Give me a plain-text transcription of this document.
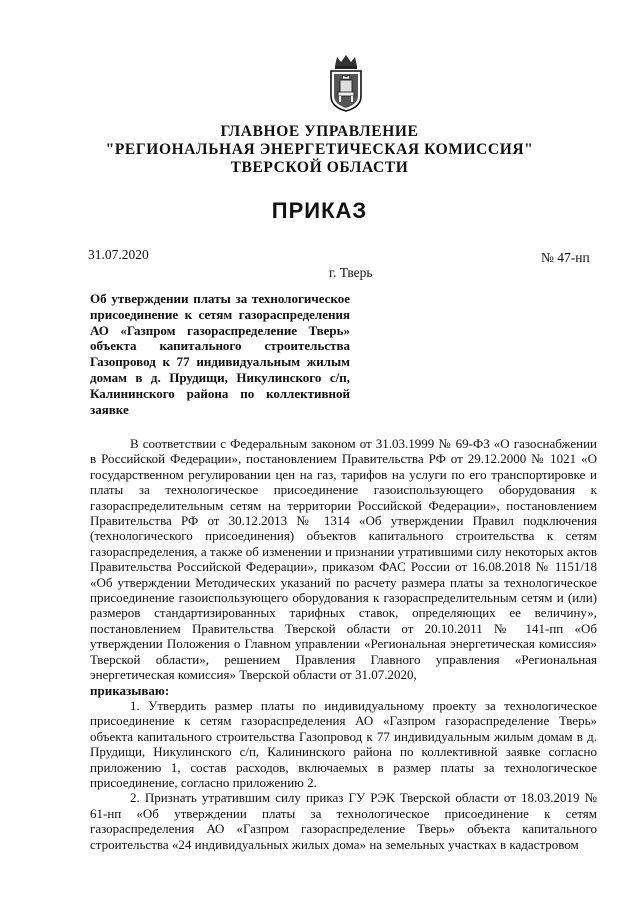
ГЛАВНОЕ УПРАВЛЕНИЕ
"РЕГИОНАЛЬНАЯ ЭНЕРГЕТИЧЕСКАЯ КОМИССИЯ"
ТВЕРСКОЙ ОБЛАСТИ
ПРИКАЗ
31.07.2020	№ 47-нп
г. Тверь
Об утверждении платы за технологическое присоединение к сетям газораспределения АО «Газпром газораспределение Тверь» объекта капитального строительства Газопровод к 77 индивидуальным жилым домам в д. Прудищи, Никулинского с/п, Калининского района по коллективной заявке

В соответствии с Федеральным законом от 31.03.1999 № 69-ФЗ «О газоснабжении в Российской Федерации», постановлением Правительства РФ от 29.12.2000 № 1021 «О государственном регулировании цен на газ, тарифов на услуги по его транспортировке и платы за технологическое присоединение газоиспользующего оборудования к газораспределительным сетям на территории Российской Федерации», постановлением Правительства РФ от 30.12.2013 № 1314 «Об утверждении Правил подключения (технологического присоединения) объектов капитального строительства к сетям газораспределения, а также об изменении и признании утратившими силу некоторых актов Правительства Российской Федерации», приказом ФАС России от 16.08.2018 № 1151/18 «Об утверждении Методических указаний по расчету размера платы за технологическое присоединение газоиспользующего оборудования к газораспределительным сетям и (или) размеров стандартизированных тарифных ставок, определяющих ее величину», постановлением Правительства Тверской области от 20.10.2011 № 141-пп «Об утверждении Положения о Главном управлении «Региональная энергетическая комиссия» Тверской области», решением Правления Главного управления «Региональная энергетическая комиссия» Тверской области от 31.07.2020,

приказываю:

1. Утвердить размер платы по индивидуальному проекту за технологическое присоединение к сетям газораспределения АО «Газпром газораспределение Тверь» объекта капитального строительства Газопровод к 77 индивидуальным жилым домам в д. Прудищи, Никулинского с/п, Калининского района по коллективной заявке согласно приложению 1, состав расходов, включаемых в размер платы за технологическое присоединение, согласно приложению 2.

2. Признать утратившим силу приказ ГУ РЭК Тверской области от 18.03.2019 № 61-нп «Об утверждении платы за технологическое присоединение к сетям газораспределения АО «Газпром газораспределение Тверь» объекта капитального строительства «24 индивидуальных жилых дома» на земельных участках в кадастровом
